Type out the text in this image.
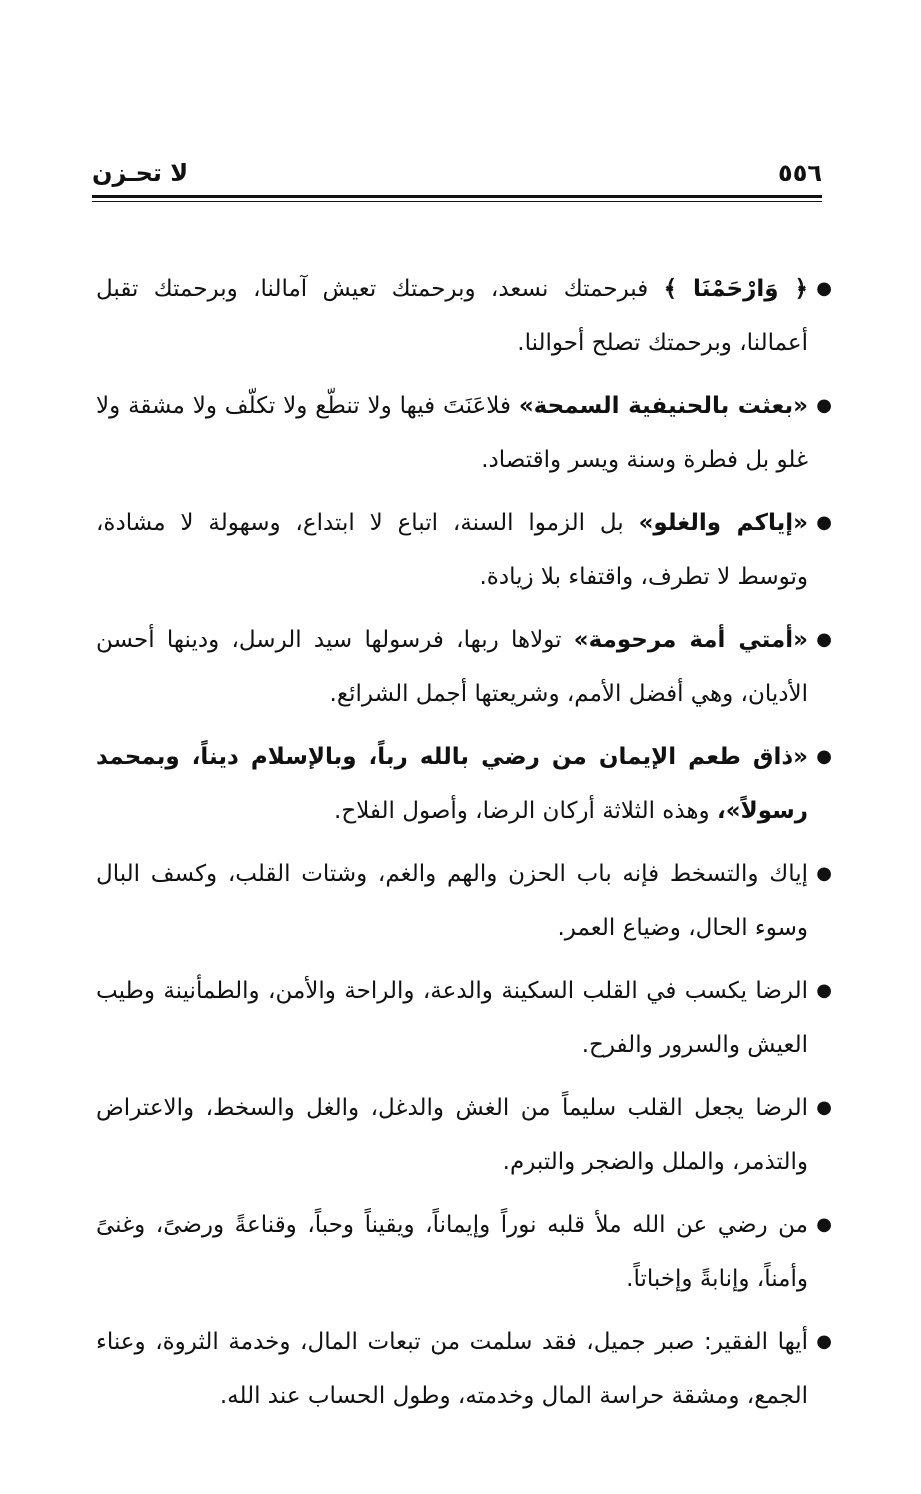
لا تحـزن	٥٥٦
●
﴿ وَارْحَمْنَا ﴾ فبرحمتك نسعد، وبرحمتك تعيش آمالنا، وبرحمتك تقبل أعمالنا، وبرحمتك تصلح أحوالنا.
●
«بعثت بالحنيفية السمحة» فلاعَنَتَ فيها ولا تنطّع ولا تكلّف ولا مشقة ولا غلو بل فطرة وسنة ويسر واقتصاد.
●
«إياكم والغلو» بل الزموا السنة، اتباع لا ابتداع، وسهولة لا مشادة، وتوسط لا تطرف، واقتفاء بلا زيادة.
●
«أمتي أمة مرحومة» تولاها ربها، فرسولها سيد الرسل، ودينها أحسن الأديان، وهي أفضل الأمم، وشريعتها أجمل الشرائع.
●
«ذاق طعم الإيمان من رضي بالله رباً، وبالإسلام ديناً، وبمحمد رسولاً»، وهذه الثلاثة أركان الرضا، وأصول الفلاح.
●
إياك والتسخط فإنه باب الحزن والهم والغم، وشتات القلب، وكسف البال وسوء الحال، وضياع العمر.
●
الرضا يكسب في القلب السكينة والدعة، والراحة والأمن، والطمأنينة وطيب العيش والسرور والفرح.
●
الرضا يجعل القلب سليماً من الغش والدغل، والغل والسخط، والاعتراض والتذمر، والملل والضجر والتبرم.
●
من رضي عن الله ملأ قلبه نوراً وإيماناً، ويقيناً وحباً، وقناعةً ورضىً، وغنىً وأمناً، وإنابةً وإخباتاً.
●
أيها الفقير: صبر جميل، فقد سلمت من تبعات المال، وخدمة الثروة، وعناء الجمع، ومشقة حراسة المال وخدمته، وطول الحساب عند الله.
